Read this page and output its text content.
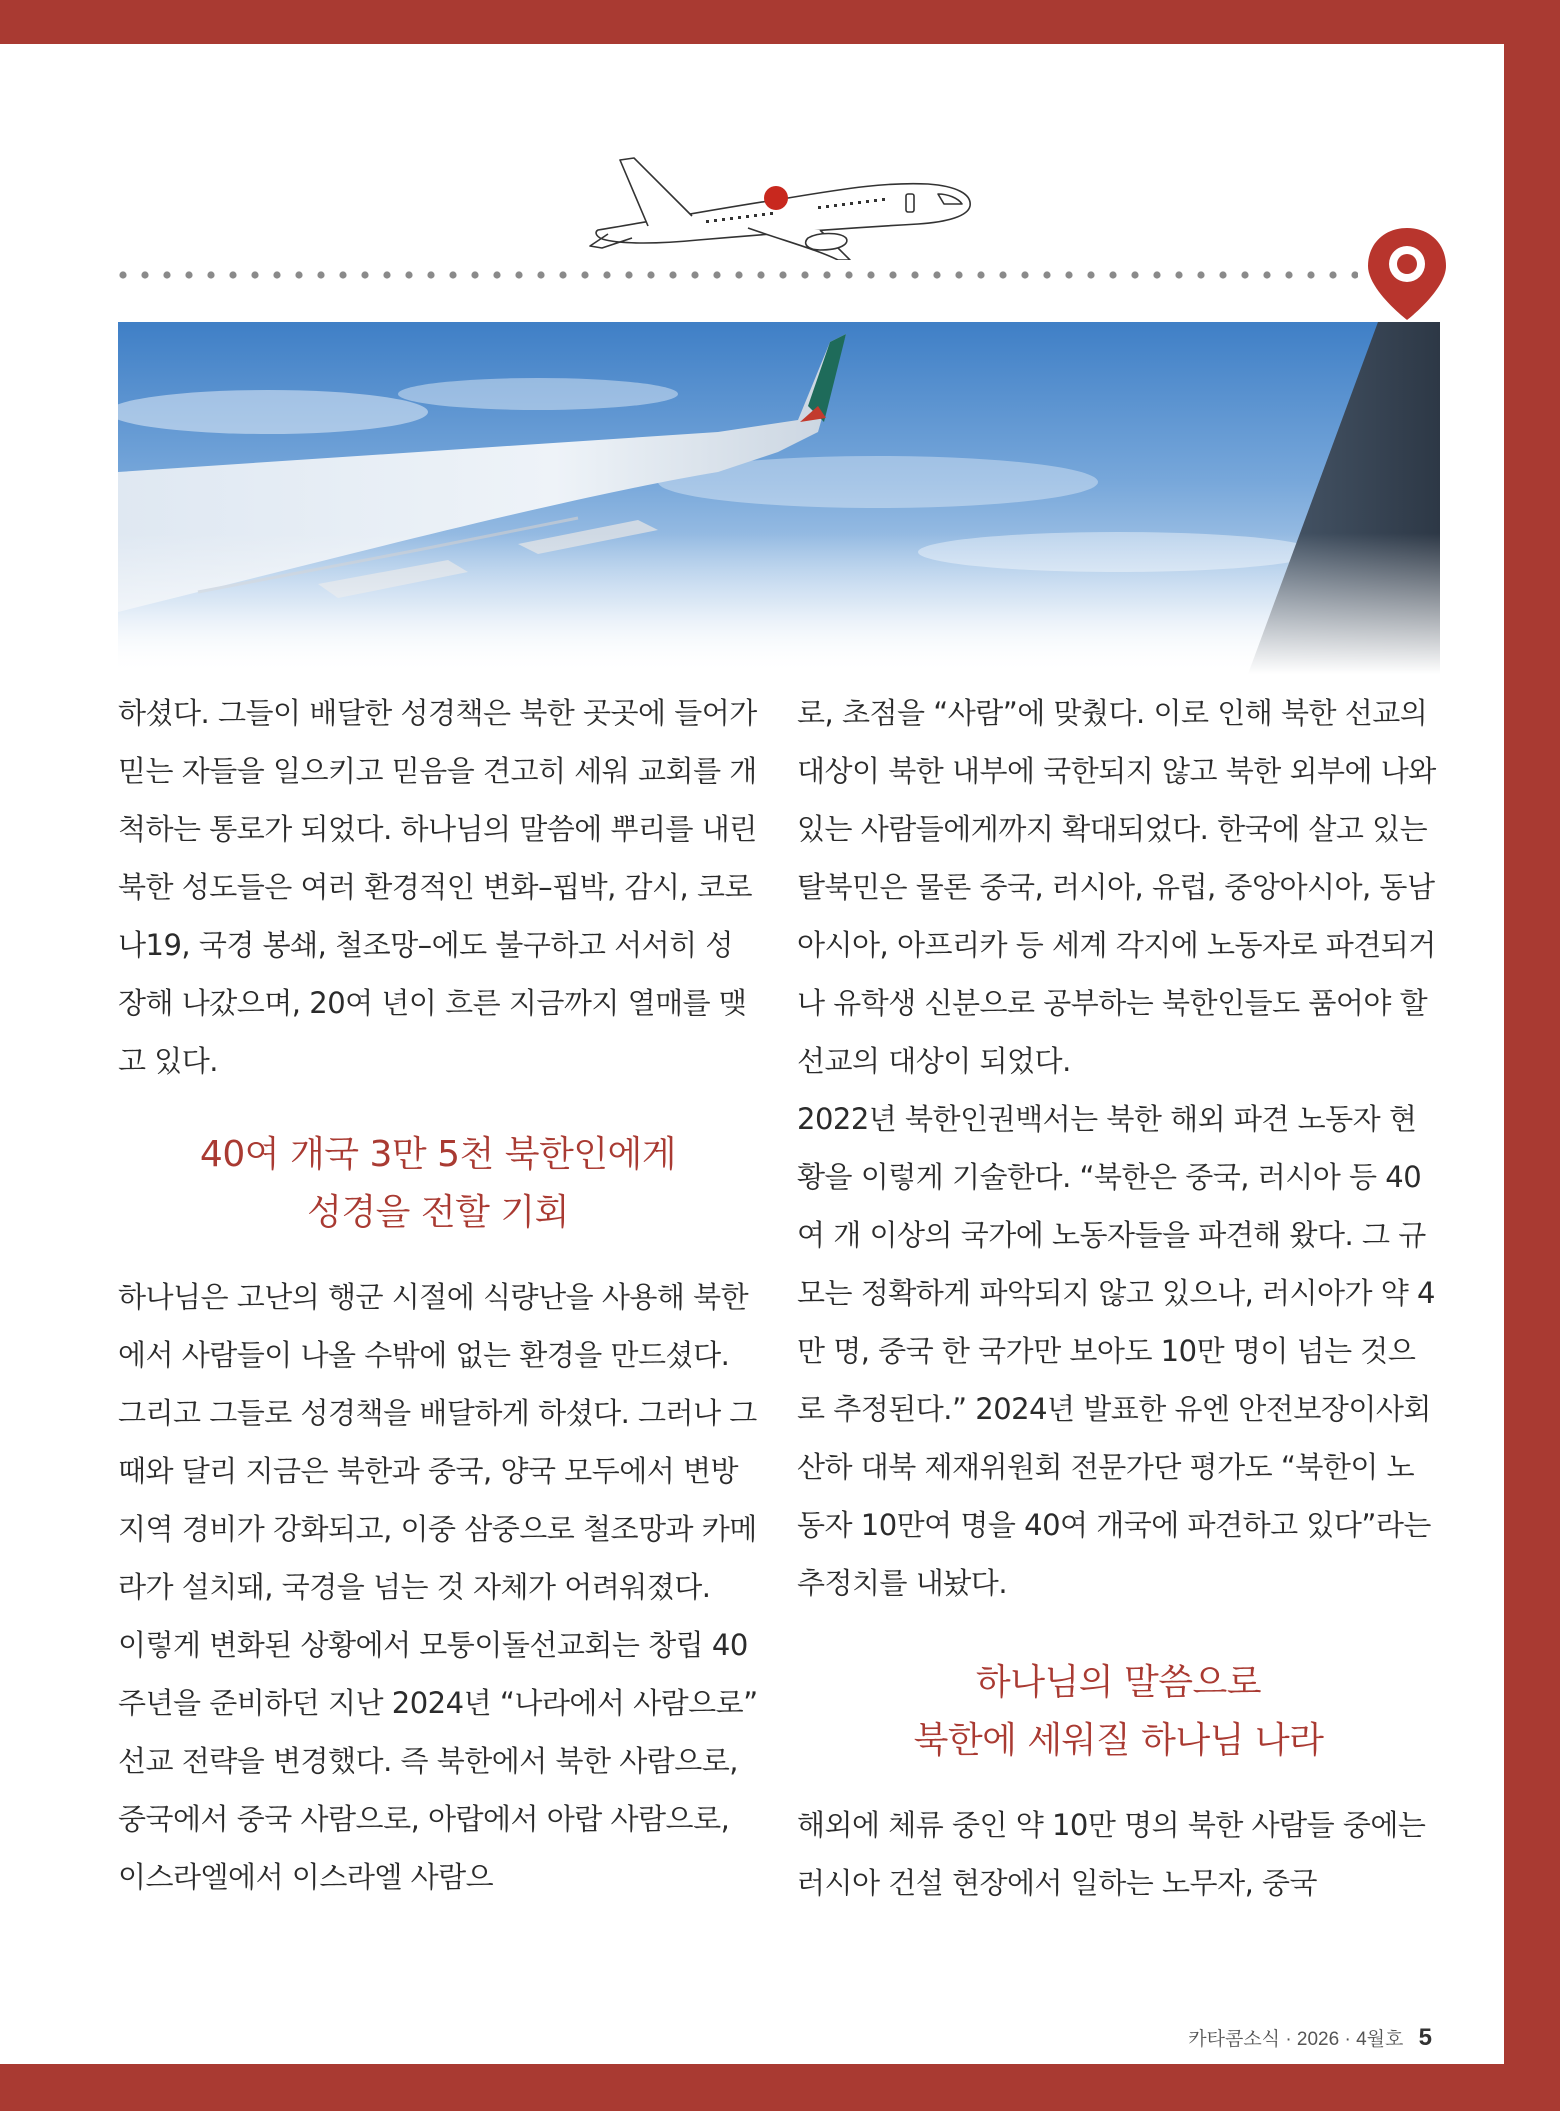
하셨다. 그들이 배달한 성경책은 북한 곳곳에 들어가 믿는 자들을 일으키고 믿음을 견고히 세워 교회를 개척하는 통로가 되었다. 하나님의 말씀에 뿌리를 내린 북한 성도들은 여러 환경적인 변화–핍박, 감시, 코로나19, 국경 봉쇄, 철조망–에도 불구하고 서서히 성장해 나갔으며, 20여 년이 흐른 지금까지 열매를 맺고 있다.

40여 개국 3만 5천 북한인에게
성경을 전할 기회

하나님은 고난의 행군 시절에 식량난을 사용해 북한에서 사람들이 나올 수밖에 없는 환경을 만드셨다. 그리고 그들로 성경책을 배달하게 하셨다. 그러나 그때와 달리 지금은 북한과 중국, 양국 모두에서 변방 지역 경비가 강화되고, 이중 삼중으로 철조망과 카메라가 설치돼, 국경을 넘는 것 자체가 어려워졌다.

이렇게 변화된 상황에서 모퉁이돌선교회는 창립 40주년을 준비하던 지난 2024년 “나라에서 사람으로” 선교 전략을 변경했다. 즉 북한에서 북한 사람으로, 중국에서 중국 사람으로, 아랍에서 아랍 사람으로, 이스라엘에서 이스라엘 사람으

로, 초점을 “사람”에 맞췄다. 이로 인해 북한 선교의 대상이 북한 내부에 국한되지 않고 북한 외부에 나와 있는 사람들에게까지 확대되었다. 한국에 살고 있는 탈북민은 물론 중국, 러시아, 유럽, 중앙아시아, 동남아시아, 아프리카 등 세계 각지에 노동자로 파견되거나 유학생 신분으로 공부하는 북한인들도 품어야 할 선교의 대상이 되었다.

2022년 북한인권백서는 북한 해외 파견 노동자 현황을 이렇게 기술한다. “북한은 중국, 러시아 등 40여 개 이상의 국가에 노동자들을 파견해 왔다. 그 규모는 정확하게 파악되지 않고 있으나, 러시아가 약 4만 명, 중국 한 국가만 보아도 10만 명이 넘는 것으로 추정된다.” 2024년 발표한 유엔 안전보장이사회 산하 대북 제재위원회 전문가단 평가도 “북한이 노동자 10만여 명을 40여 개국에 파견하고 있다”라는 추정치를 내놨다.

하나님의 말씀으로
북한에 세워질 하나님 나라

해외에 체류 중인 약 10만 명의 북한 사람들 중에는 러시아 건설 현장에서 일하는 노무자, 중국

카타콤소식 · 2026 · 4월호 5
